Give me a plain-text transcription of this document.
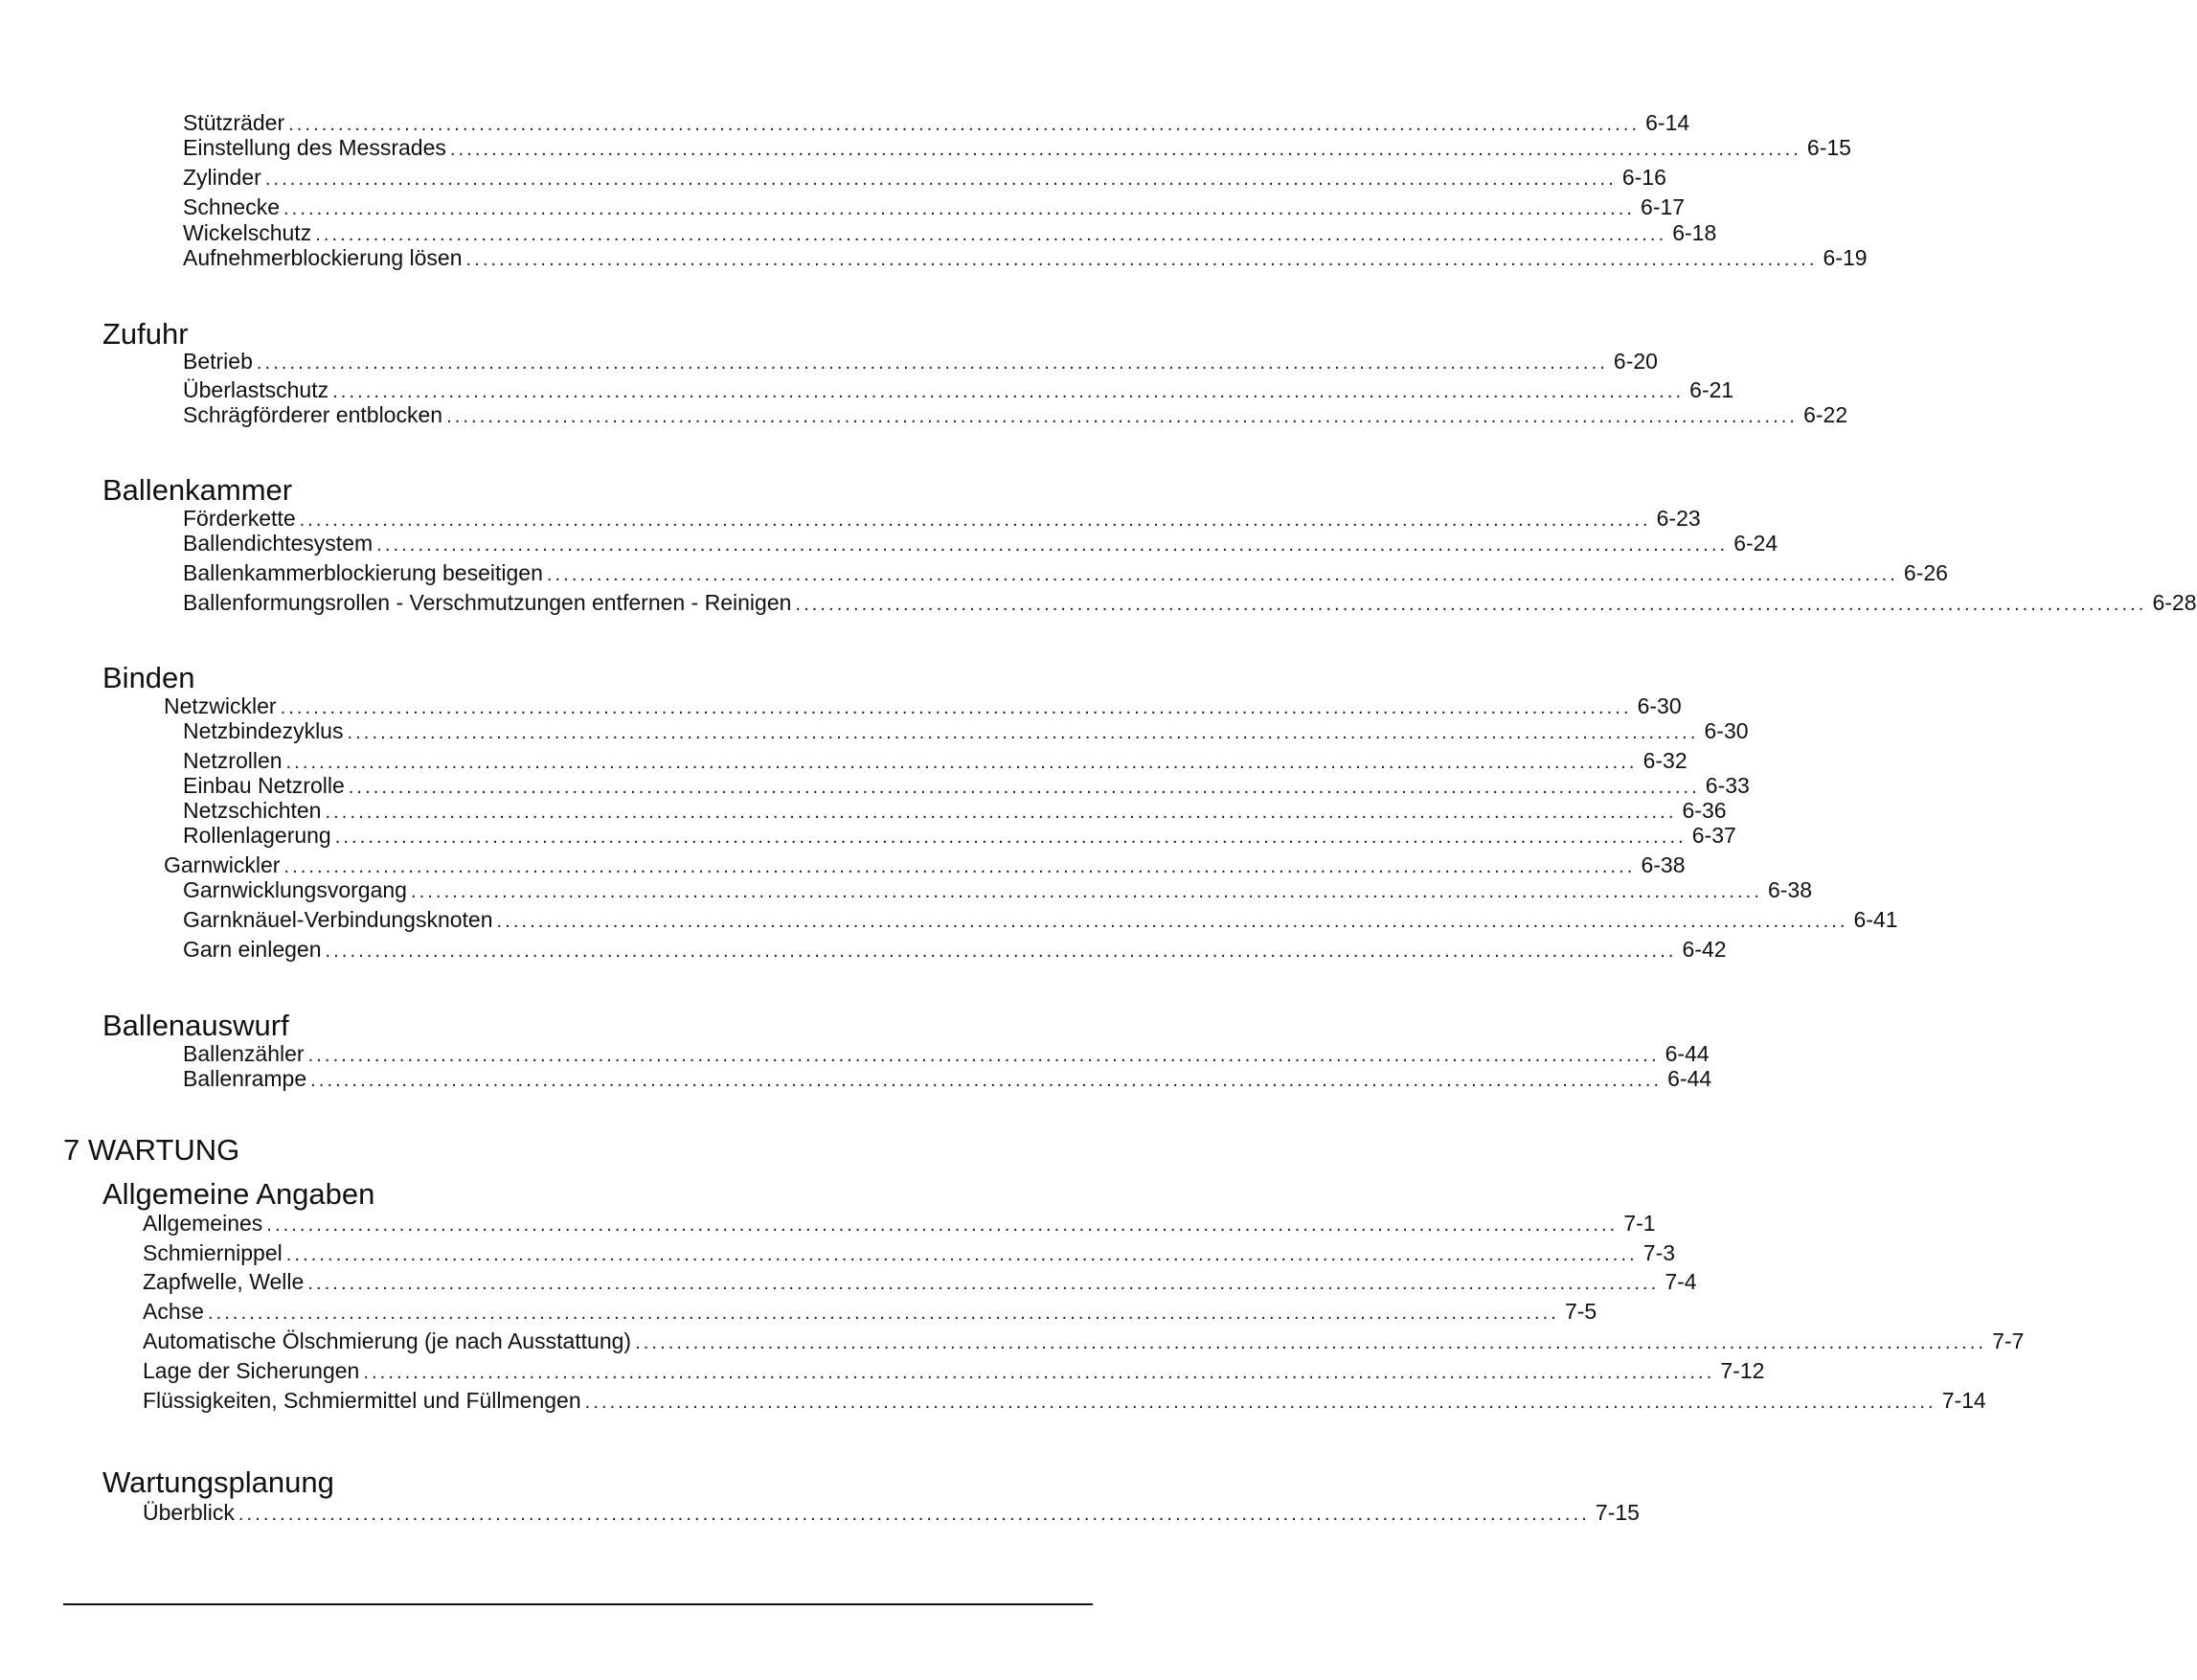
Stützräder ................................................................................................................................................................... 6-14
Einstellung des Messrades ................................................................................................................................................................... 6-15
Zylinder ................................................................................................................................................................... 6-16
Schnecke ................................................................................................................................................................... 6-17
Wickelschutz ................................................................................................................................................................... 6-18
Aufnehmerblockierung lösen ................................................................................................................................................................... 6-19
Zufuhr
Betrieb ................................................................................................................................................................... 6-20
Überlastschutz ................................................................................................................................................................... 6-21
Schrägförderer entblocken ................................................................................................................................................................... 6-22
Ballenkammer
Förderkette ................................................................................................................................................................... 6-23
Ballendichtesystem ................................................................................................................................................................... 6-24
Ballenkammerblockierung beseitigen ................................................................................................................................................................... 6-26
Ballenformungsrollen - Verschmutzungen entfernen - Reinigen ................................................................................................................................................................... 6-28
Binden
Netzwickler ................................................................................................................................................................... 6-30
Netzbindezyklus ................................................................................................................................................................... 6-30
Netzrollen ................................................................................................................................................................... 6-32
Einbau Netzrolle ................................................................................................................................................................... 6-33
Netzschichten ................................................................................................................................................................... 6-36
Rollenlagerung ................................................................................................................................................................... 6-37
Garnwickler ................................................................................................................................................................... 6-38
Garnwicklungsvorgang ................................................................................................................................................................... 6-38
Garnknäuel-Verbindungsknoten ................................................................................................................................................................... 6-41
Garn einlegen ................................................................................................................................................................... 6-42
Ballenauswurf
Ballenzähler ................................................................................................................................................................... 6-44
Ballenrampe ................................................................................................................................................................... 6-44
7 WARTUNG
Allgemeine Angaben
Allgemeines ................................................................................................................................................................... 7-1
Schmiernippel ................................................................................................................................................................... 7-3
Zapfwelle, Welle ................................................................................................................................................................... 7-4
Achse ................................................................................................................................................................... 7-5
Automatische Ölschmierung (je nach Ausstattung) ................................................................................................................................................................... 7-7
Lage der Sicherungen ................................................................................................................................................................... 7-12
Flüssigkeiten, Schmiermittel und Füllmengen ................................................................................................................................................................... 7-14
Wartungsplanung
Überblick ................................................................................................................................................................... 7-15
